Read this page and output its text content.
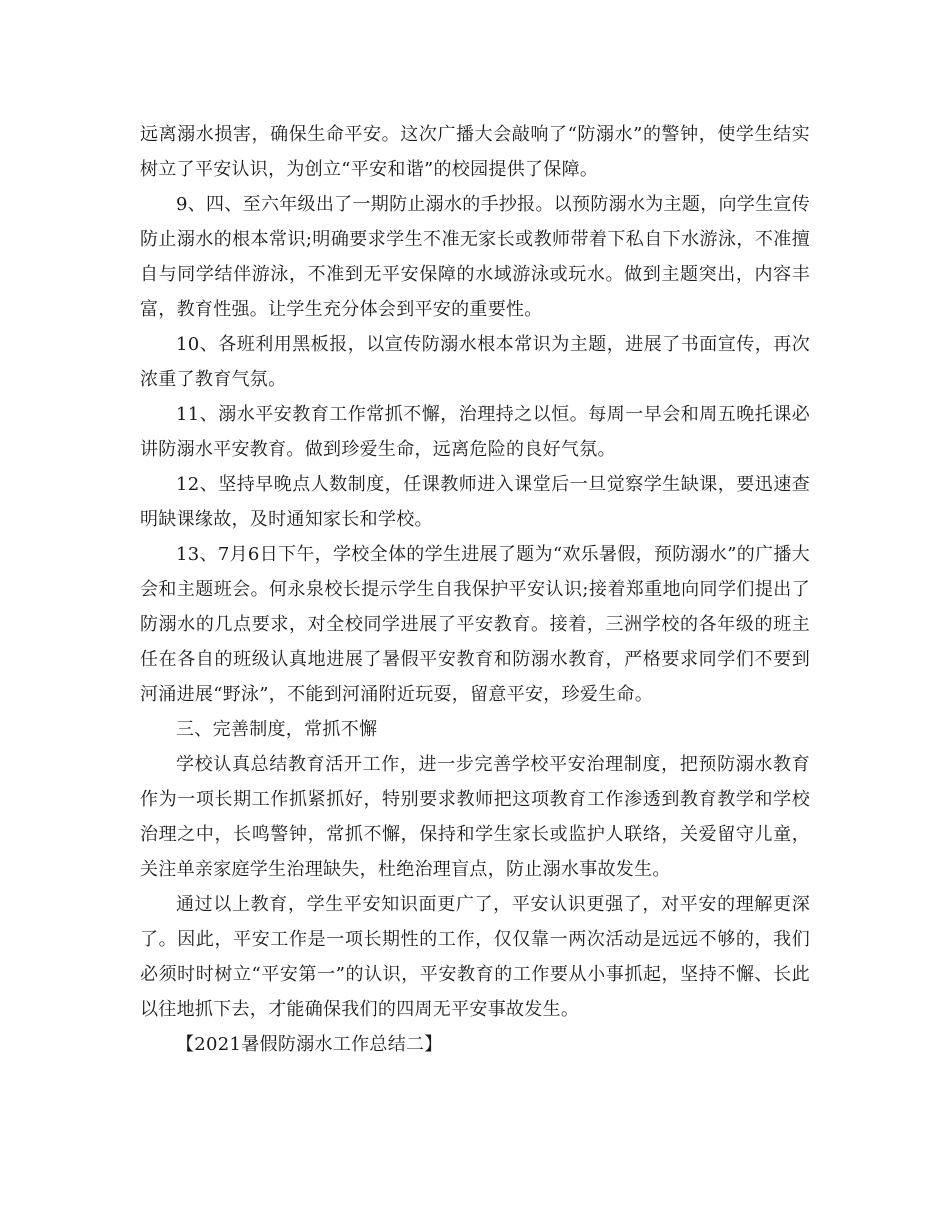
远离溺水损害，确保生命平安。这次广播大会敲响了“防溺水”的警钟，使学生结实树立了平安认识，为创立“平安和谐”的校园提供了保障。

9、四、至六年级出了一期防止溺水的手抄报。以预防溺水为主题，向学生宣传防止溺水的根本常识;明确要求学生不准无家长或教师带着下私自下水游泳，不准擅自与同学结伴游泳，不准到无平安保障的水域游泳或玩水。做到主题突出，内容丰富，教育性强。让学生充分体会到平安的重要性。

10、各班利用黑板报，以宣传防溺水根本常识为主题，进展了书面宣传，再次浓重了教育气氛。

11、溺水平安教育工作常抓不懈，治理持之以恒。每周一早会和周五晚托课必讲防溺水平安教育。做到珍爱生命，远离危险的良好气氛。

12、坚持早晚点人数制度，任课教师进入课堂后一旦觉察学生缺课，要迅速查明缺课缘故，及时通知家长和学校。

13、7月6日下午，学校全体的学生进展了题为“欢乐暑假，预防溺水”的广播大会和主题班会。何永泉校长提示学生自我保护平安认识;接着郑重地向同学们提出了防溺水的几点要求，对全校同学进展了平安教育。接着，三洲学校的各年级的班主任在各自的班级认真地进展了暑假平安教育和防溺水教育，严格要求同学们不要到河涌进展“野泳”，不能到河涌附近玩耍，留意平安，珍爱生命。

三、完善制度，常抓不懈

学校认真总结教育活开工作，进一步完善学校平安治理制度，把预防溺水教育作为一项长期工作抓紧抓好，特别要求教师把这项教育工作渗透到教育教学和学校治理之中，长鸣警钟，常抓不懈，保持和学生家长或监护人联络，关爱留守儿童，关注单亲家庭学生治理缺失，杜绝治理盲点，防止溺水事故发生。

通过以上教育，学生平安知识面更广了，平安认识更强了，对平安的理解更深了。因此，平安工作是一项长期性的工作，仅仅靠一两次活动是远远不够的，我们必须时时树立“平安第一”的认识，平安教育的工作要从小事抓起，坚持不懈、长此以往地抓下去，才能确保我们的四周无平安事故发生。

【2021暑假防溺水工作总结二】
